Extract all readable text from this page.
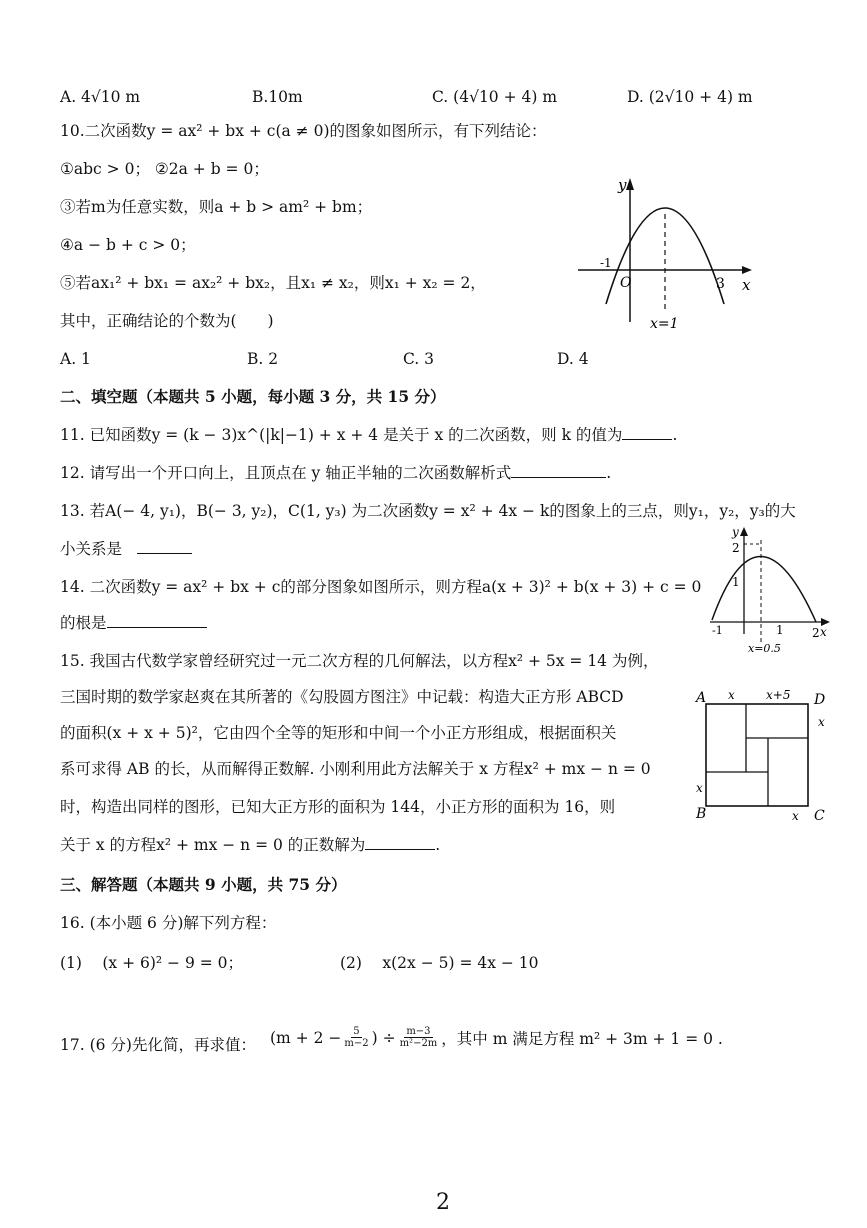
A. 4√10 m	B.10m	C. (4√10 + 4) m	D. (2√10 + 4) m
10.二次函数y = ax² + bx + c(a ≠ 0)的图象如图所示，有下列结论：
①abc > 0； ②2a + b = 0；
③若m为任意实数，则a + b > am² + bm；
④a − b + c > 0；
⑤若ax₁² + bx₁ = ax₂² + bx₂，且x₁ ≠ x₂，则x₁ + x₂ = 2，
其中，正确结论的个数为(　　)
A. 1	B. 2	C. 3	D. 4
y
x
O
-1
3
x=1
二、填空题（本题共 5 小题，每小题 3 分，共 15 分）
11. 已知函数y = (k − 3)x^(|k|−1) + x + 4 是关于 x 的二次函数，则 k 的值为	.
12. 请写出一个开口向上，且顶点在 y 轴正半轴的二次函数解析式	.
13. 若A(− 4, y₁)，B(− 3, y₂)，C(1, y₃) 为二次函数y = x² + 4x − k的图象上的三点，则y₁，y₂，y₃的大
小关系是
14. 二次函数y = ax² + bx + c的部分图象如图所示，则方程a(x + 3)² + b(x + 3) + c = 0
的根是
y
2
1
-1	1 2 x
x=0.5
15. 我国古代数学家曾经研究过一元二次方程的几何解法，以方程x² + 5x = 14 为例，
三国时期的数学家赵爽在其所著的《勾股圆方图注》中记载：构造大正方形 ABCD
的面积(x + x + 5)²，它由四个全等的矩形和中间一个小正方形组成，根据面积关
系可求得 AB 的长，从而解得正数解. 小刚利用此方法解关于 x 方程x² + mx − n = 0
时，构造出同样的图形，已知大正方形的面积为 144，小正方形的面积为 16，则
关于 x 的方程x² + mx − n = 0 的正数解为	.
A	D
B	C
x	x+5
x
x
x
三、解答题（本题共 9 小题，共 75 分）
16. (本小题 6 分)解下列方程：
(1)　 (x + 6)² − 9 = 0；	(2)　 x(2x − 5) = 4x − 10
17. (6 分)先化简，再求值： ($m + 2 - \frac{5}{m-2}$ ) ÷ $\frac{m-3}{\text{m²−2m}}$ ，其中 m 满足方程 m² + 3m + 1 = 0 .
2
